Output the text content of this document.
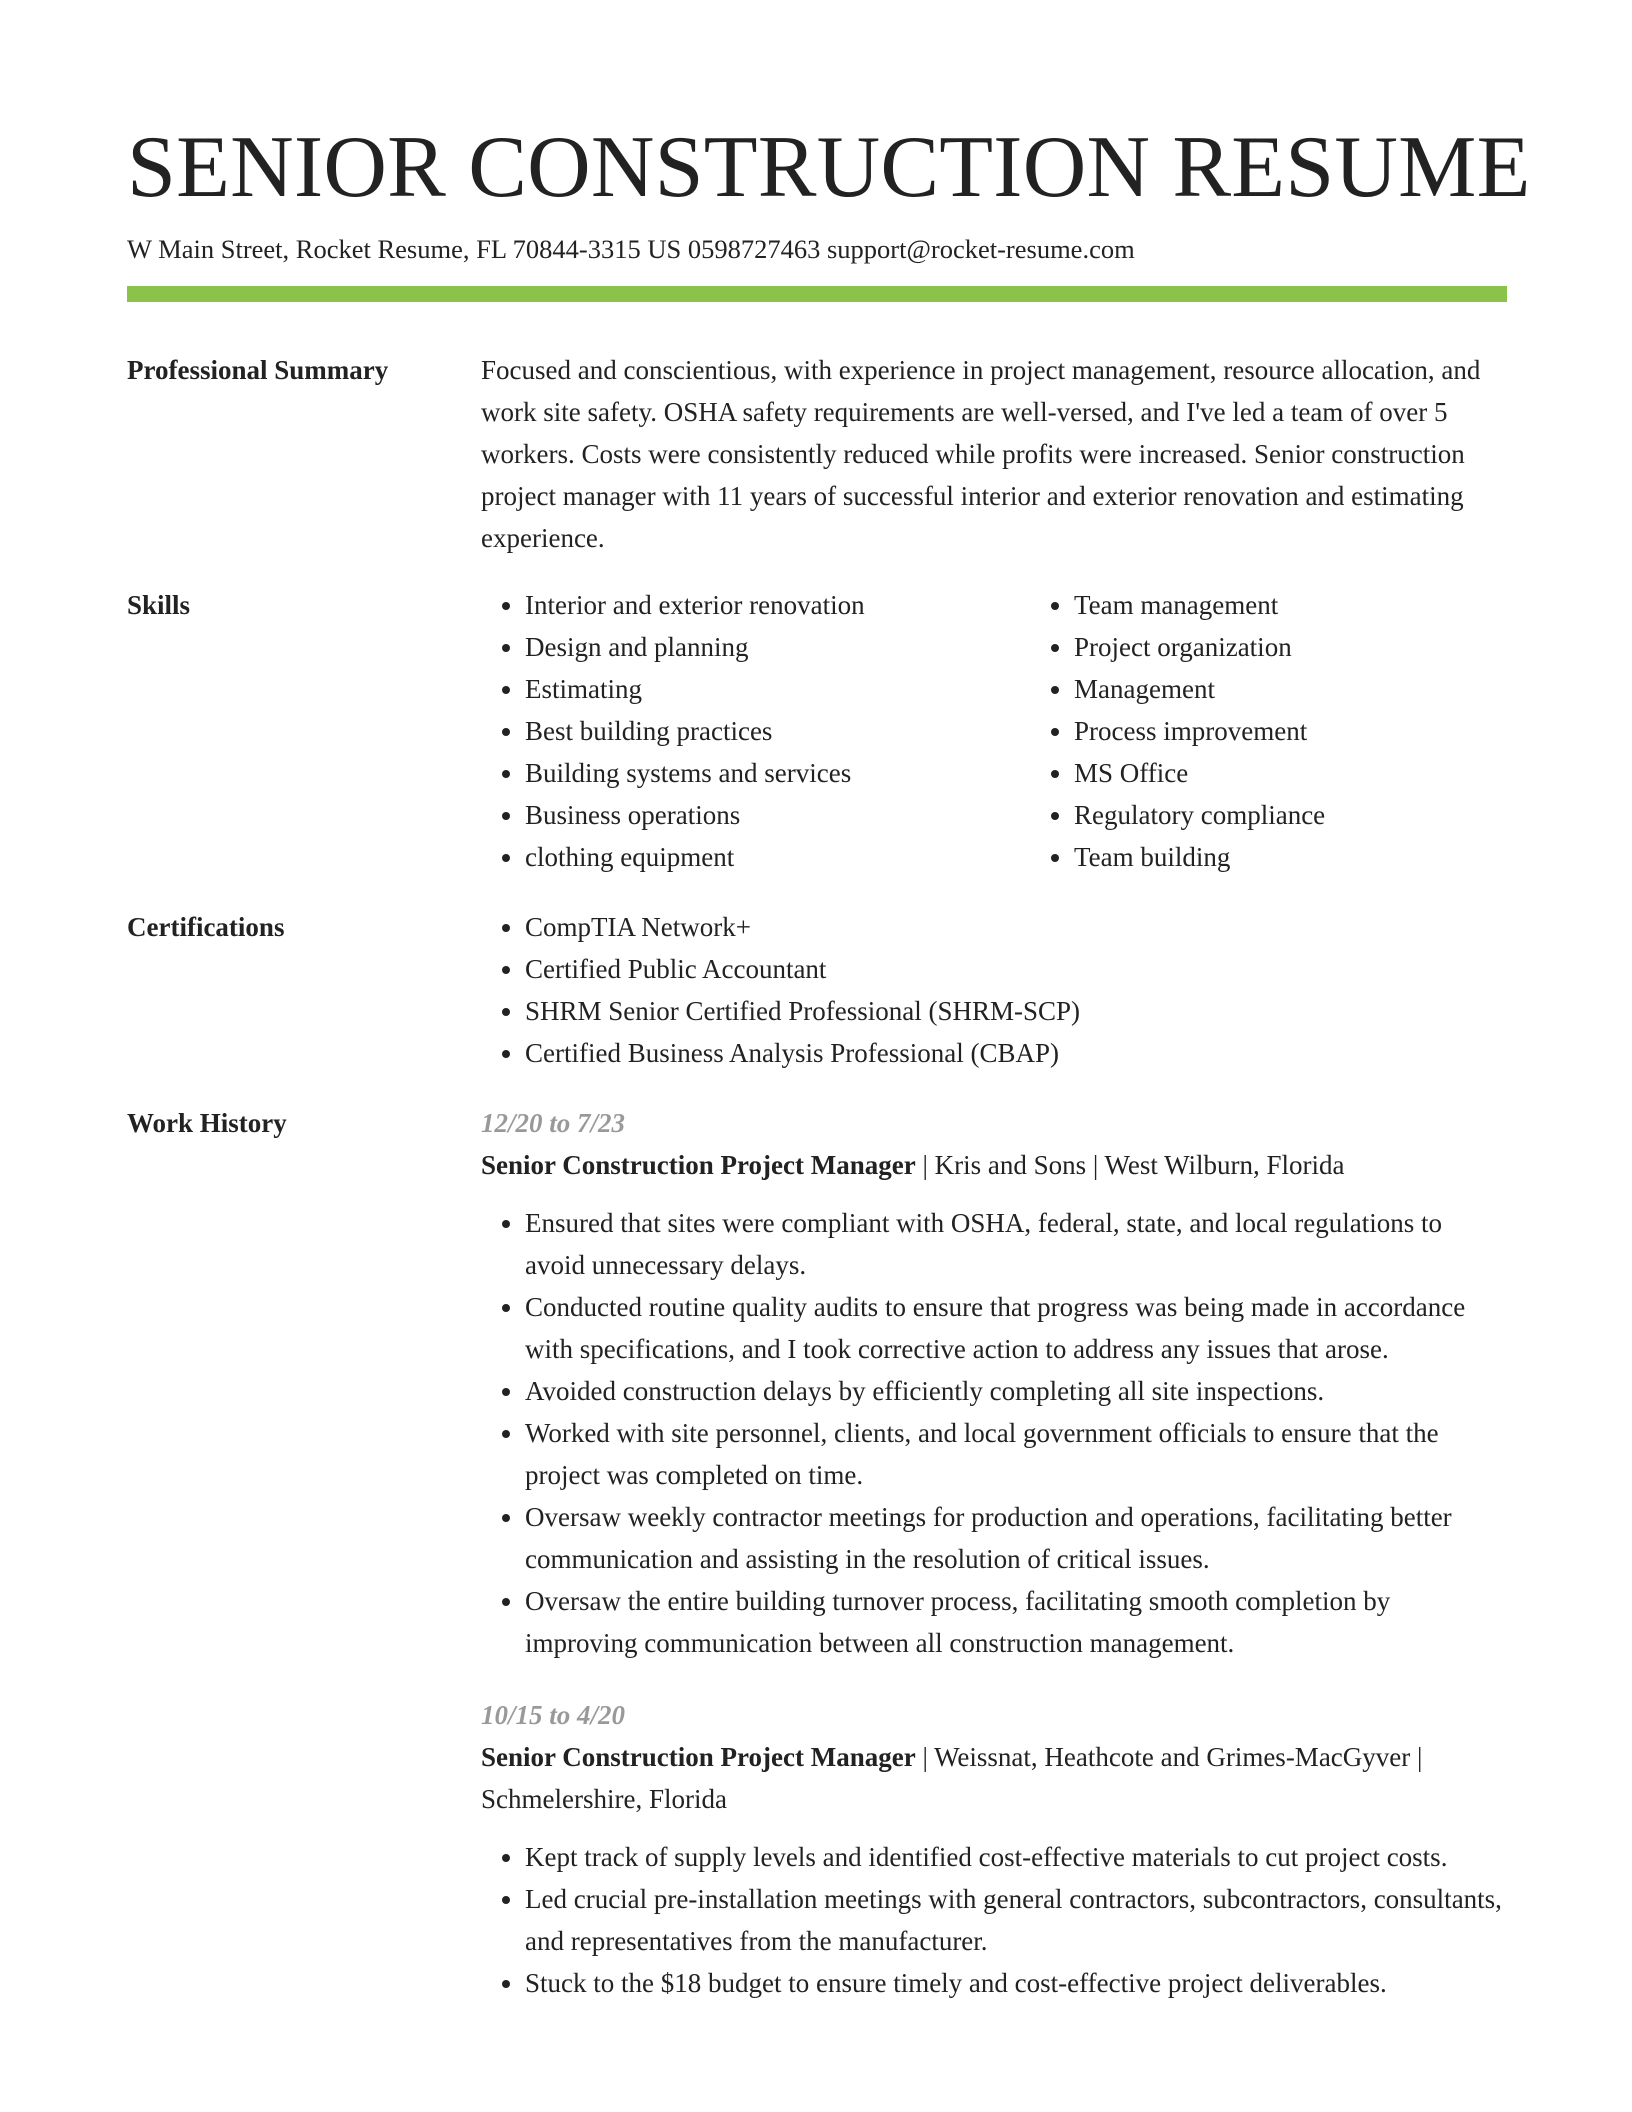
SENIOR CONSTRUCTION RESUME
W Main Street, Rocket Resume, FL 70844-3315 US 0598727463 support@rocket-resume.com
Professional Summary	Focused and conscientious, with experience in project management, resource allocation, and work site safety. OSHA safety requirements are well-versed, and I've led a team of over 5 workers. Costs were consistently reduced while profits were increased. Senior construction project manager with 11 years of successful interior and exterior renovation and estimating experience.

Skills	• Interior and exterior renovation
• Design and planning
• Estimating
• Best building practices
• Building systems and services
• Business operations
• clothing equipment
• Team management
• Project organization
• Management
• Process improvement
• MS Office
• Regulatory compliance
• Team building
Certifications	• CompTIA Network+
• Certified Public Accountant
• SHRM Senior Certified Professional (SHRM-SCP)
• Certified Business Analysis Professional (CBAP)
Work History	12/20 to 7/23
Senior Construction Project Manager | Kris and Sons | West Wilburn, Florida
• Ensured that sites were compliant with OSHA, federal, state, and local regulations to avoid unnecessary delays.
• Conducted routine quality audits to ensure that progress was being made in accordance with specifications, and I took corrective action to address any issues that arose.
• Avoided construction delays by efficiently completing all site inspections.
• Worked with site personnel, clients, and local government officials to ensure that the project was completed on time.
• Oversaw weekly contractor meetings for production and operations, facilitating better communication and assisting in the resolution of critical issues.
• Oversaw the entire building turnover process, facilitating smooth completion by improving communication between all construction management.
10/15 to 4/20
Senior Construction Project Manager | Weissnat, Heathcote and Grimes-MacGyver | Schmelershire, Florida
• Kept track of supply levels and identified cost-effective materials to cut project costs.
• Led crucial pre-installation meetings with general contractors, subcontractors, consultants, and representatives from the manufacturer.
• Stuck to the $18 budget to ensure timely and cost-effective project deliverables.
